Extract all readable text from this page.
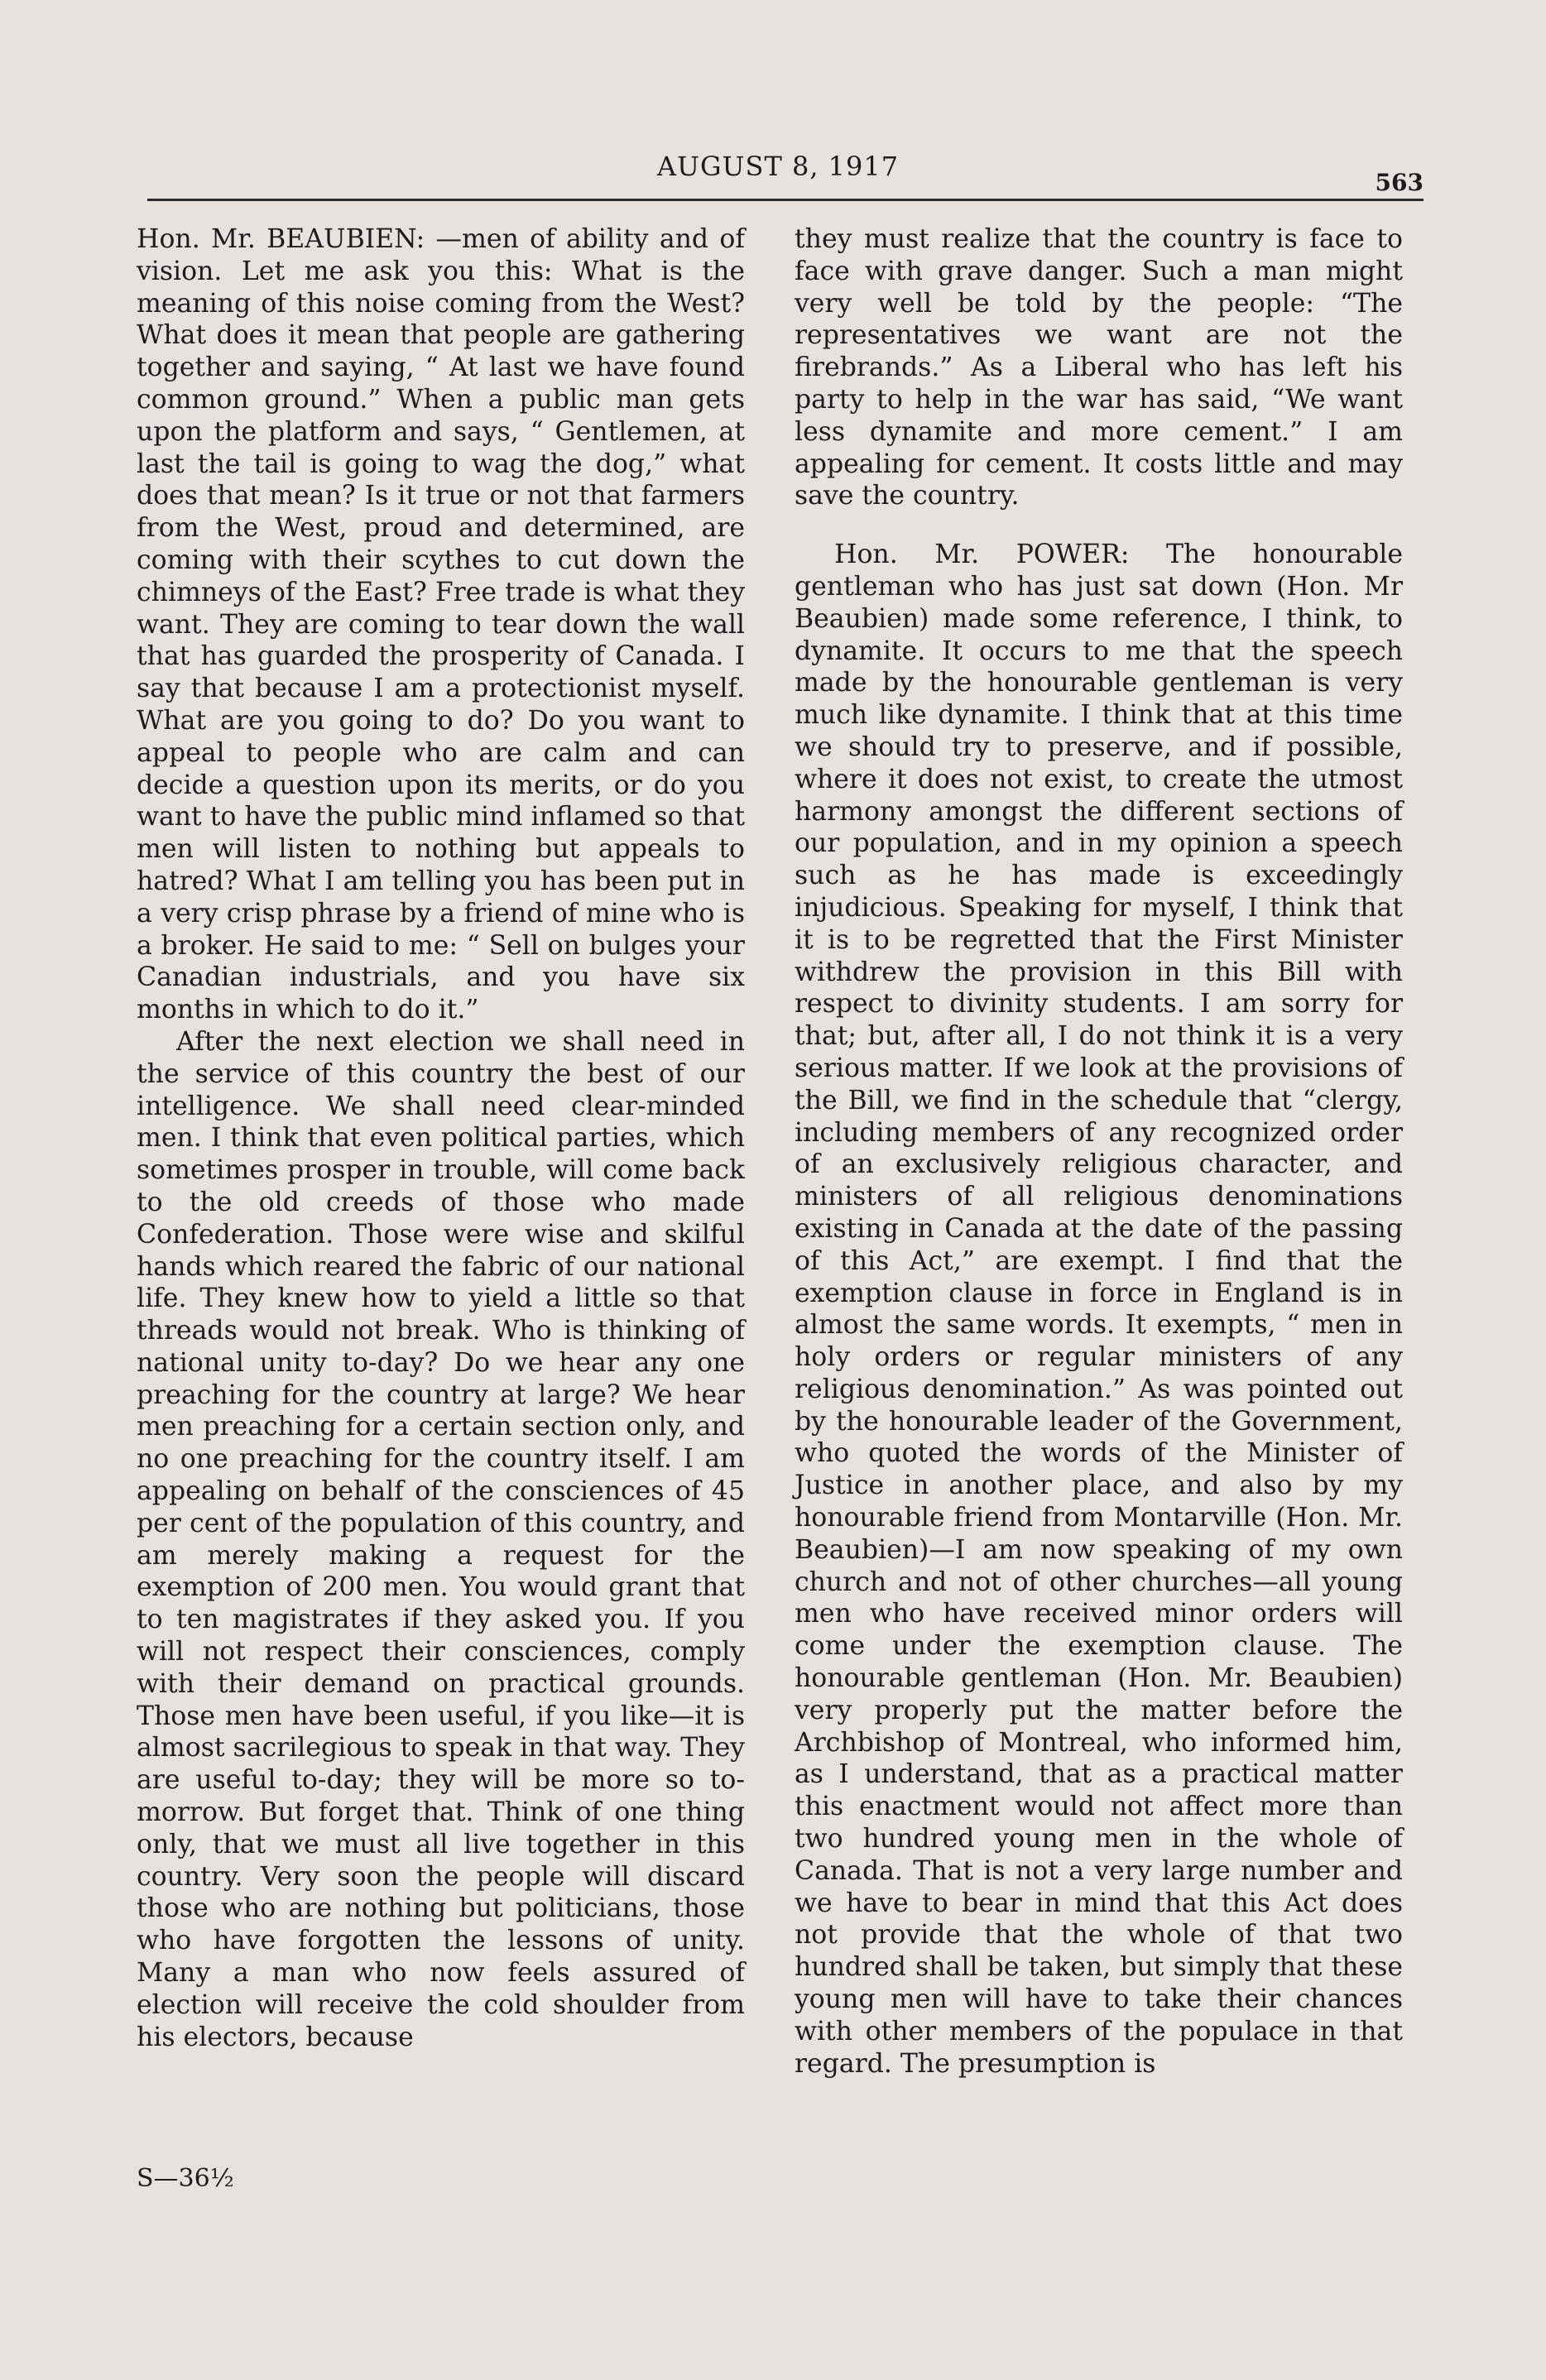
AUGUST 8, 1917
563

Hon. Mr. BEAUBIEN: —men of ability and of vision. Let me ask you this: What is the meaning of this noise coming from the West? What does it mean that people are gathering together and saying, “ At last we have found common ground.” When a public man gets upon the platform and says, “ Gentlemen, at last the tail is going to wag the dog,” what does that mean? Is it true or not that farmers from the West, proud and determined, are coming with their scythes to cut down the chimneys of the East? Free trade is what they want. They are coming to tear down the wall that has guarded the prosperity of Canada. I say that because I am a protectionist myself. What are you going to do? Do you want to appeal to people who are calm and can decide a question upon its merits, or do you want to have the public mind inflamed so that men will listen to nothing but appeals to hatred? What I am telling you has been put in a very crisp phrase by a friend of mine who is a broker. He said to me: “ Sell on bulges your Canadian industrials, and you have six months in which to do it.”

After the next election we shall need in the service of this country the best of our intelligence. We shall need clear-minded men. I think that even political parties, which sometimes prosper in trouble, will come back to the old creeds of those who made Confederation. Those were wise and skilful hands which reared the fabric of our national life. They knew how to yield a little so that threads would not break. Who is thinking of national unity to-day? Do we hear any one preaching for the country at large? We hear men preaching for a certain section only, and no one preaching for the country itself. I am appealing on behalf of the consciences of 45 per cent of the population of this country, and am merely making a request for the exemption of 200 men. You would grant that to ten magistrates if they asked you. If you will not respect their consciences, comply with their demand on practical grounds. Those men have been useful, if you like—it is almost sacrilegious to speak in that way. They are useful to-day; they will be more so to-morrow. But forget that. Think of one thing only, that we must all live together in this country. Very soon the people will discard those who are nothing but politicians, those who have forgotten the lessons of unity. Many a man who now feels assured of election will receive the cold shoulder from his electors, because

they must realize that the country is face to face with grave danger. Such a man might very well be told by the people: “The representatives we want are not the firebrands.” As a Liberal who has left his party to help in the war has said, “We want less dynamite and more cement.” I am appealing for cement. It costs little and may save the country.

Hon. Mr. POWER: The honourable gentleman who has just sat down (Hon. Mr Beaubien) made some reference, I think, to dynamite. It occurs to me that the speech made by the honourable gentleman is very much like dynamite. I think that at this time we should try to preserve, and if possible, where it does not exist, to create the utmost harmony amongst the different sections of our population, and in my opinion a speech such as he has made is exceedingly injudicious. Speaking for myself, I think that it is to be regretted that the First Minister withdrew the provision in this Bill with respect to divinity students. I am sorry for that; but, after all, I do not think it is a very serious matter. If we look at the provisions of the Bill, we find in the schedule that “clergy, including members of any recognized order of an exclusively religious character, and ministers of all religious denominations existing in Canada at the date of the passing of this Act,” are exempt. I find that the exemption clause in force in England is in almost the same words. It exempts, “ men in holy orders or regular ministers of any religious denomination.” As was pointed out by the honourable leader of the Government, who quoted the words of the Minister of Justice in another place, and also by my honourable friend from Montarville (Hon. Mr. Beaubien)—I am now speaking of my own church and not of other churches—all young men who have received minor orders will come under the exemption clause. The honourable gentleman (Hon. Mr. Beaubien) very properly put the matter before the Archbishop of Montreal, who informed him, as I understand, that as a practical matter this enactment would not affect more than two hundred young men in the whole of Canada. That is not a very large number and we have to bear in mind that this Act does not provide that the whole of that two hundred shall be taken, but simply that these young men will have to take their chances with other members of the populace in that regard. The presumption is

S—36½
